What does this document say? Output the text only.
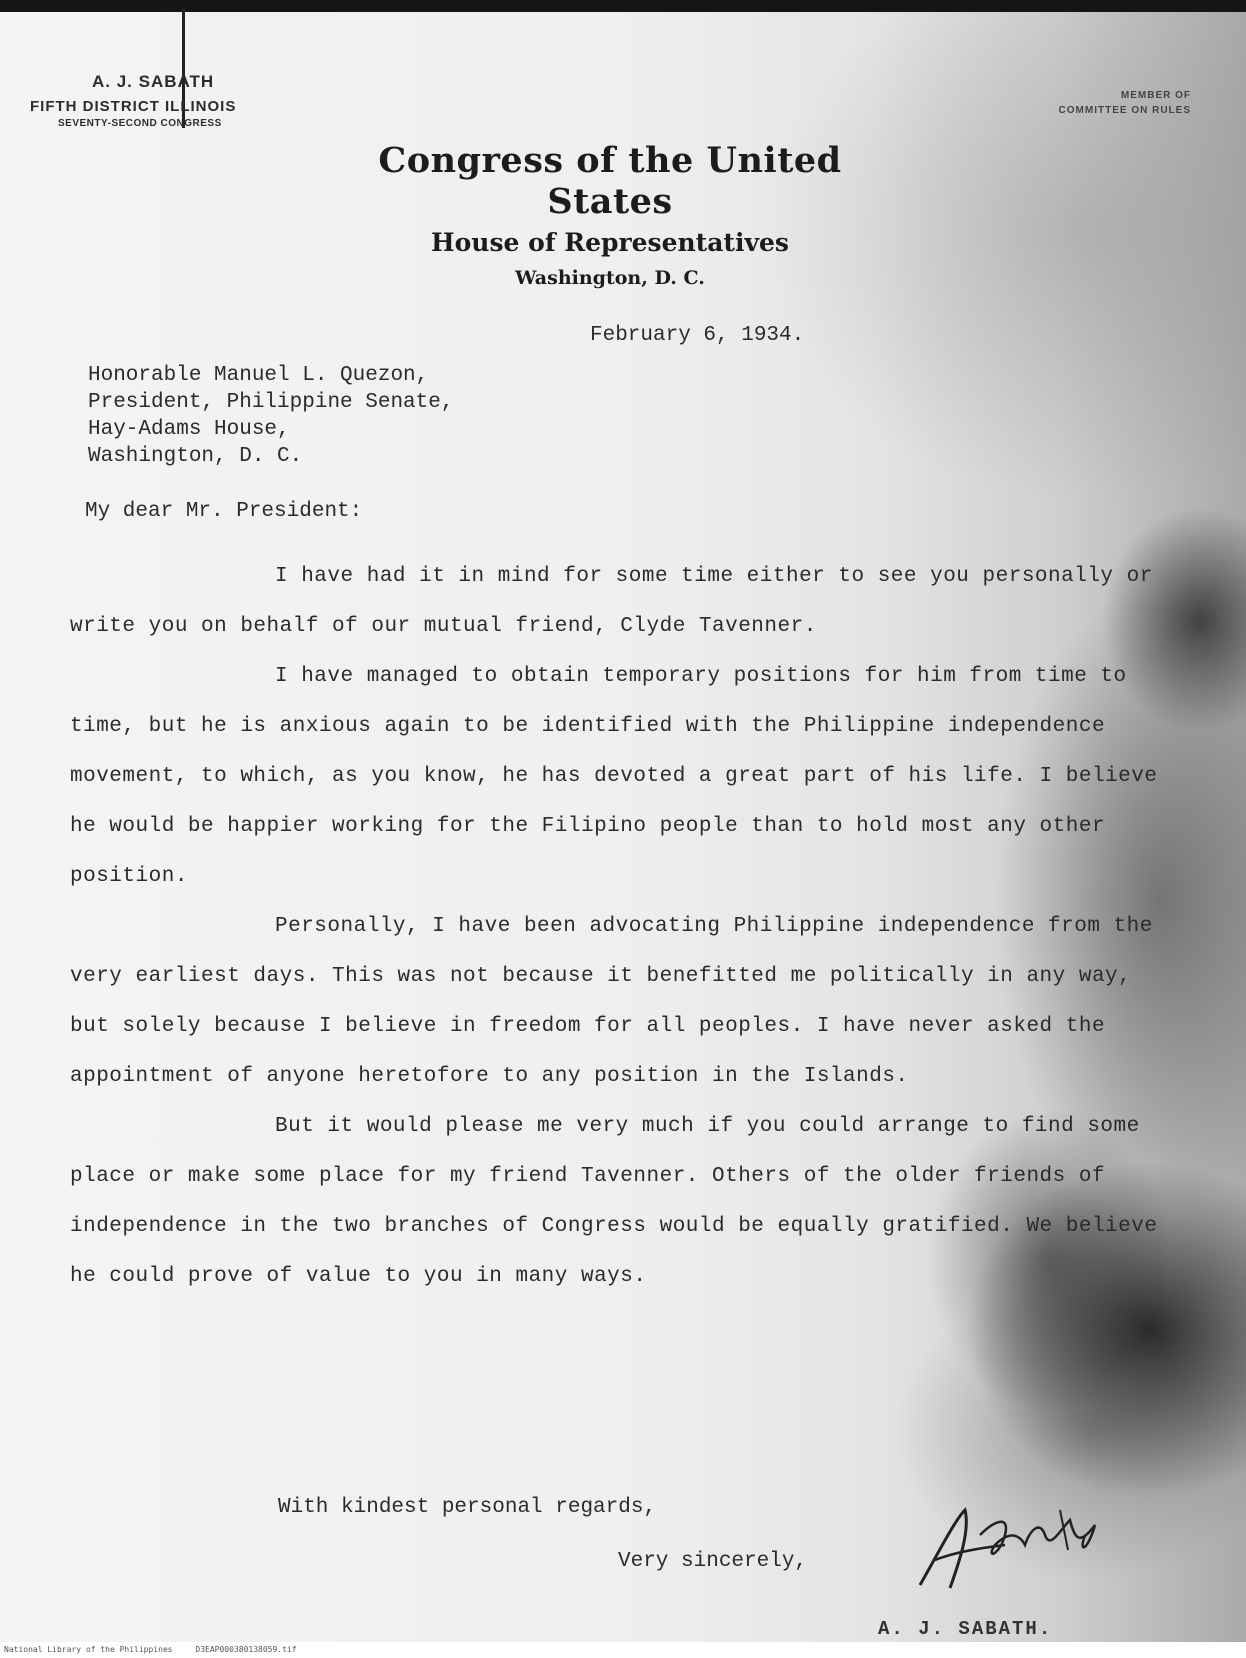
A. J. SABATH
FIFTH DISTRICT ILLINOIS
SEVENTY-SECOND CONGRESS
MEMBER OF
COMMITTEE ON RULES
Congress of the United States
House of Representatives
Washington, D. C.
February 6, 1934.
Honorable Manuel L. Quezon,
President, Philippine Senate,
Hay-Adams House,
Washington, D. C.
My dear Mr. President:

I have had it in mind for some time either to see you personally or write you on behalf of our mutual friend, Clyde Tavenner.

I have managed to obtain temporary positions for him from time to time, but he is anxious again to be identified with the Philippine independence movement, to which, as you know, he has devoted a great part of his life. I believe he would be happier working for the Filipino people than to hold most any other position.

Personally, I have been advocating Philippine independence from the very earliest days. This was not because it benefitted me politically in any way, but solely because I believe in freedom for all peoples. I have never asked the appointment of anyone heretofore to any position in the Islands.

But it would please me very much if you could arrange to find some place or make some place for my friend Tavenner. Others of the older friends of independence in the two branches of Congress would be equally gratified. We believe he could prove of value to you in many ways.

With kindest personal regards,
Very sincerely,
A. J. SABATH.
National Library of the Philippines	D3EAP000380138059.tif
